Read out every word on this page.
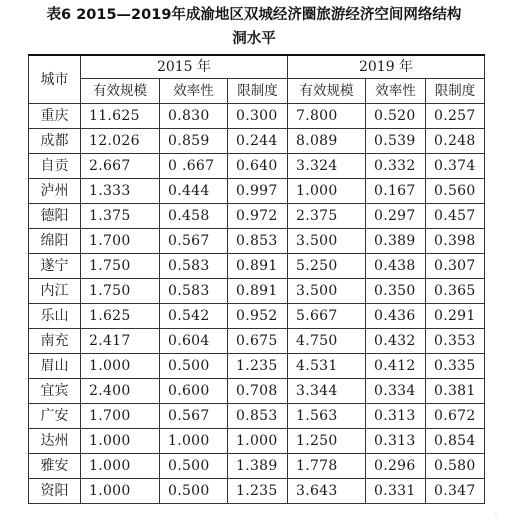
表6 2015—2019年成渝地区双城经济圈旅游经济空间网络结构
洞水平
城市	2015 年			2019 年		
	有效规模	效率性	限制度	有效规模	效率性	限制度
重庆	11.625	0.830	0.300	7.800	0.520	0.257
成都	12.026	0.859	0.244	8.089	0.539	0.248
自贡	2.667	0 .667	0.640	3.324	0.332	0.374
泸州	1.333	0.444	0.997	1.000	0.167	0.560
德阳	1.375	0.458	0.972	2.375	0.297	0.457
绵阳	1.700	0.567	0.853	3.500	0.389	0.398
遂宁	1.750	0.583	0.891	5.250	0.438	0.307
内江	1.750	0.583	0.891	3.500	0.350	0.365
乐山	1.625	0.542	0.952	5.667	0.436	0.291
南充	2.417	0.604	0.675	4.750	0.432	0.353
眉山	1.000	0.500	1.235	4.531	0.412	0.335
宜宾	2.400	0.600	0.708	3.344	0.334	0.381
广安	1.700	0.567	0.853	1.563	0.313	0.672
达州	1.000	1.000	1.000	1.250	0.313	0.854
雅安	1.000	0.500	1.389	1.778	0.296	0.580
资阳	1.000	0.500	1.235	3.643	0.331	0.347
◦
